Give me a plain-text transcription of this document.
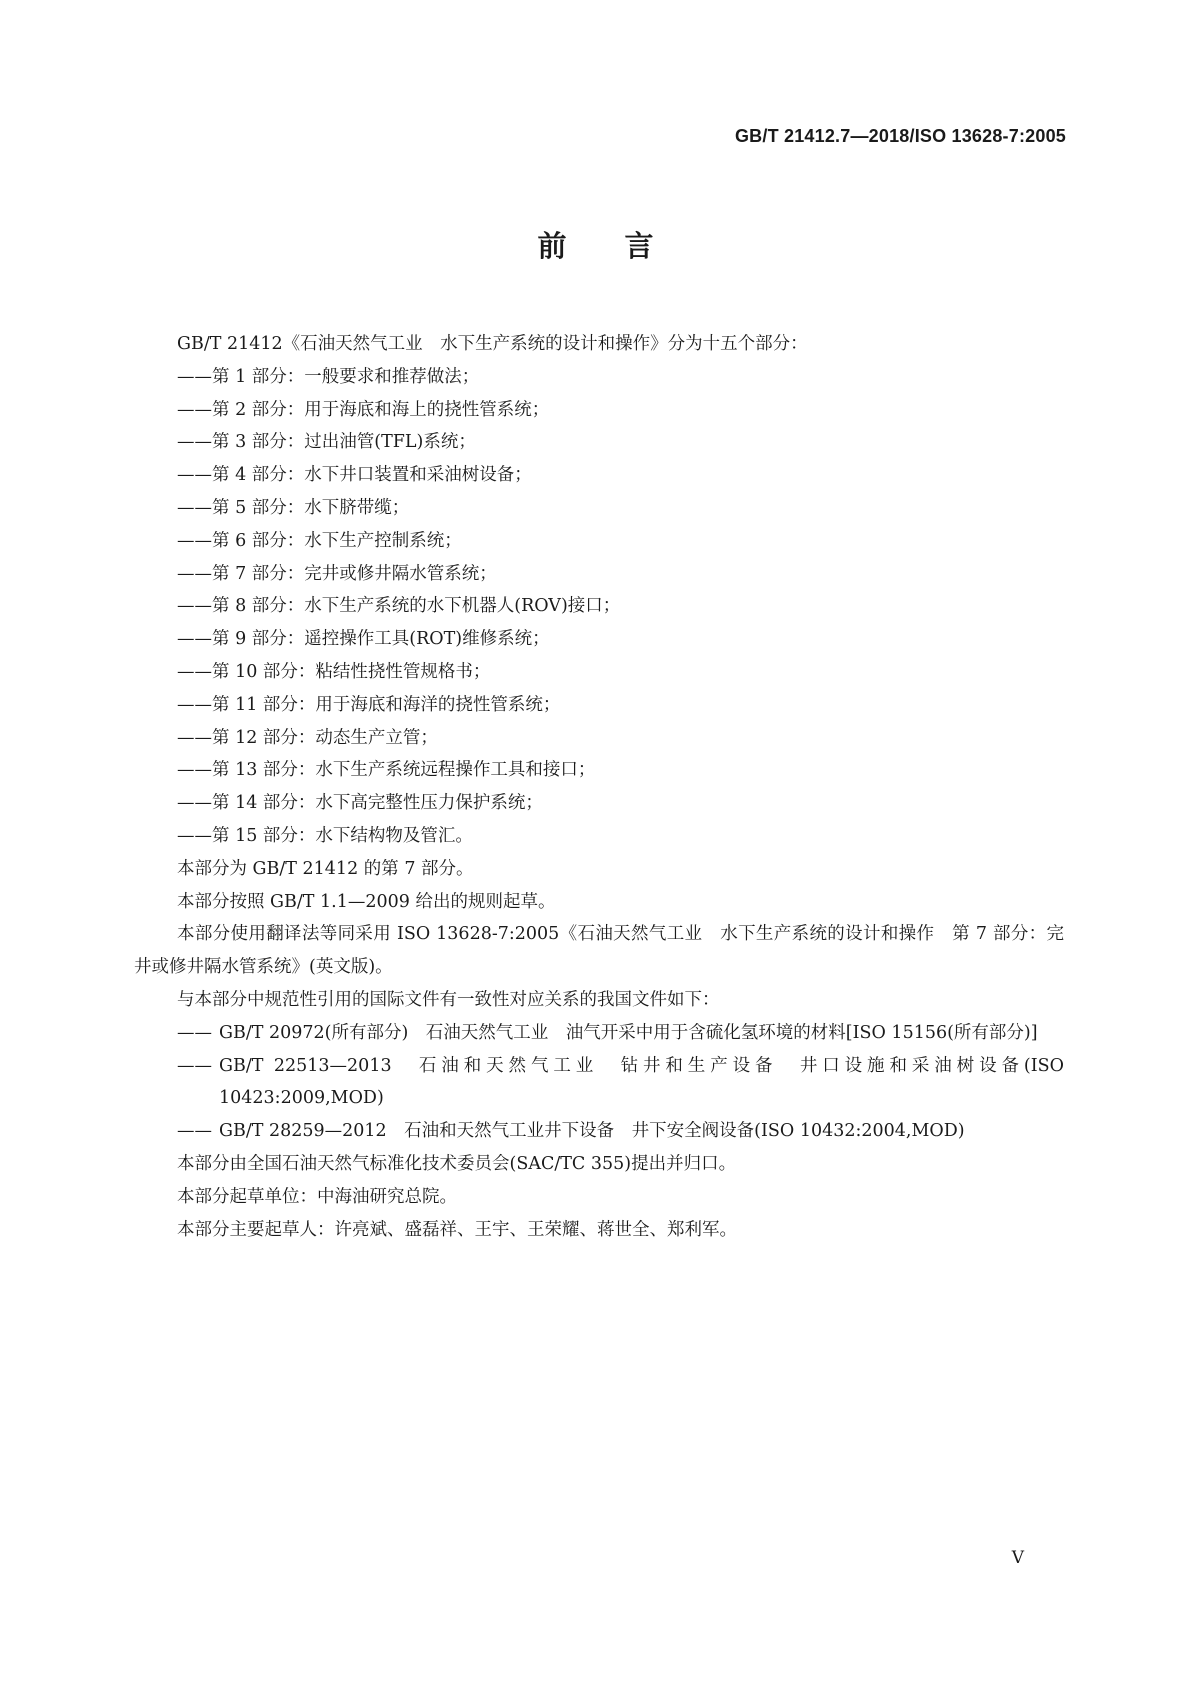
GB/T 21412.7—2018/ISO 13628-7:2005
前言
GB/T 21412《石油天然气工业　水下生产系统的设计和操作》分为十五个部分：
——第 1 部分：一般要求和推荐做法；
——第 2 部分：用于海底和海上的挠性管系统；
——第 3 部分：过出油管(TFL)系统；
——第 4 部分：水下井口装置和采油树设备；
——第 5 部分：水下脐带缆；
——第 6 部分：水下生产控制系统；
——第 7 部分：完井或修井隔水管系统；
——第 8 部分：水下生产系统的水下机器人(ROV)接口；
——第 9 部分：遥控操作工具(ROT)维修系统；
——第 10 部分：粘结性挠性管规格书；
——第 11 部分：用于海底和海洋的挠性管系统；
——第 12 部分：动态生产立管；
——第 13 部分：水下生产系统远程操作工具和接口；
——第 14 部分：水下高完整性压力保护系统；
——第 15 部分：水下结构物及管汇。
本部分为 GB/T 21412 的第 7 部分。
本部分按照 GB/T 1.1—2009 给出的规则起草。
本部分使用翻译法等同采用 ISO 13628-7:2005《石油天然气工业　水下生产系统的设计和操作　第 7 部分：完井或修井隔水管系统》(英文版)。
与本部分中规范性引用的国际文件有一致性对应关系的我国文件如下：
—— GB/T 20972(所有部分)　石油天然气工业　油气开采中用于含硫化氢环境的材料[ISO 15156(所有部分)]
—— GB/T 22513—2013　石油和天然气工业　钻井和生产设备　井口设施和采油树设备(ISO 10423:2009,MOD)
—— GB/T 28259—2012　石油和天然气工业井下设备　井下安全阀设备(ISO 10432:2004,MOD)
本部分由全国石油天然气标准化技术委员会(SAC/TC 355)提出并归口。
本部分起草单位：中海油研究总院。
本部分主要起草人：许亮斌、盛磊祥、王宇、王荣耀、蒋世全、郑利军。
V
